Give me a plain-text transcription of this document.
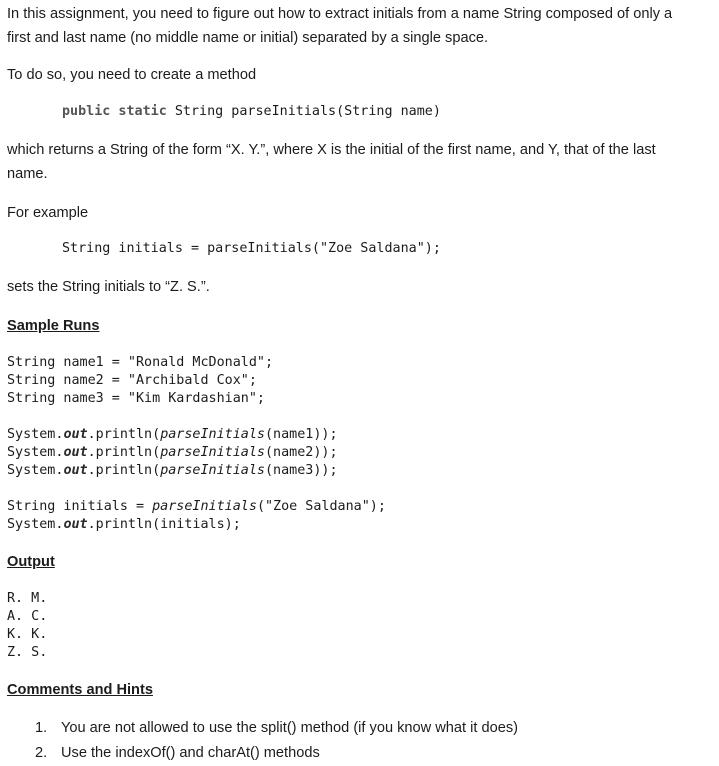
In this assignment, you need to figure out how to extract initials from a name String composed of only a
first and last name (no middle name or initial) separated by a single space.

To do so, you need to create a method

public static String parseInitials(String name)

which returns a String of the form “X. Y.”, where X is the initial of the first name, and Y, that of the last
name.

For example

String initials = parseInitials("Zoe Saldana");

sets the String initials to “Z. S.”.

Sample Runs
String name1 = "Ronald McDonald";
String name2 = "Archibald Cox";
String name3 = "Kim Kardashian";
System.out.println(parseInitials(name1));
System.out.println(parseInitials(name2));
System.out.println(parseInitials(name3));
String initials = parseInitials("Zoe Saldana");
System.out.println(initials);
Output
R. M.
A. C.
K. K.
Z. S.
Comments and Hints
1. You are not allowed to use the split() method (if you know what it does)
2. Use the indexOf() and charAt() methods
